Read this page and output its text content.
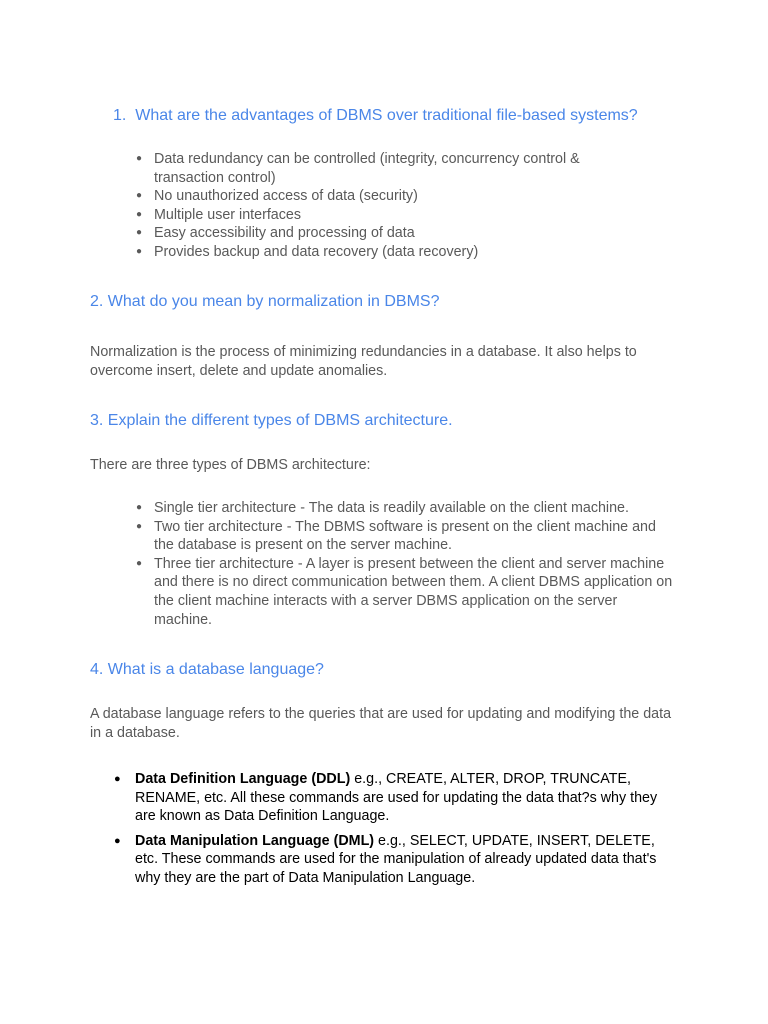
1. What are the advantages of DBMS over traditional file-based systems?
● Data redundancy can be controlled (integrity, concurrency control & transaction control)
● No unauthorized access of data (security)
● Multiple user interfaces
● Easy accessibility and processing of data
● Provides backup and data recovery (data recovery)
2. What do you mean by normalization in DBMS?
Normalization is the process of minimizing redundancies in a database. It also helps to overcome insert, delete and update anomalies.
3. Explain the different types of DBMS architecture.
There are three types of DBMS architecture:
● Single tier architecture - The data is readily available on the client machine.
● Two tier architecture - The DBMS software is present on the client machine and the database is present on the server machine.
● Three tier architecture - A layer is present between the client and server machine and there is no direct communication between them. A client DBMS application on the client machine interacts with a server DBMS application on the server machine.
4. What is a database language?
A database language refers to the queries that are used for updating and modifying the data in a database.
● Data Definition Language (DDL) e.g., CREATE, ALTER, DROP, TRUNCATE, RENAME, etc. All these commands are used for updating the data that?s why they are known as Data Definition Language.
● Data Manipulation Language (DML) e.g., SELECT, UPDATE, INSERT, DELETE, etc. These commands are used for the manipulation of already updated data that's why they are the part of Data Manipulation Language.
